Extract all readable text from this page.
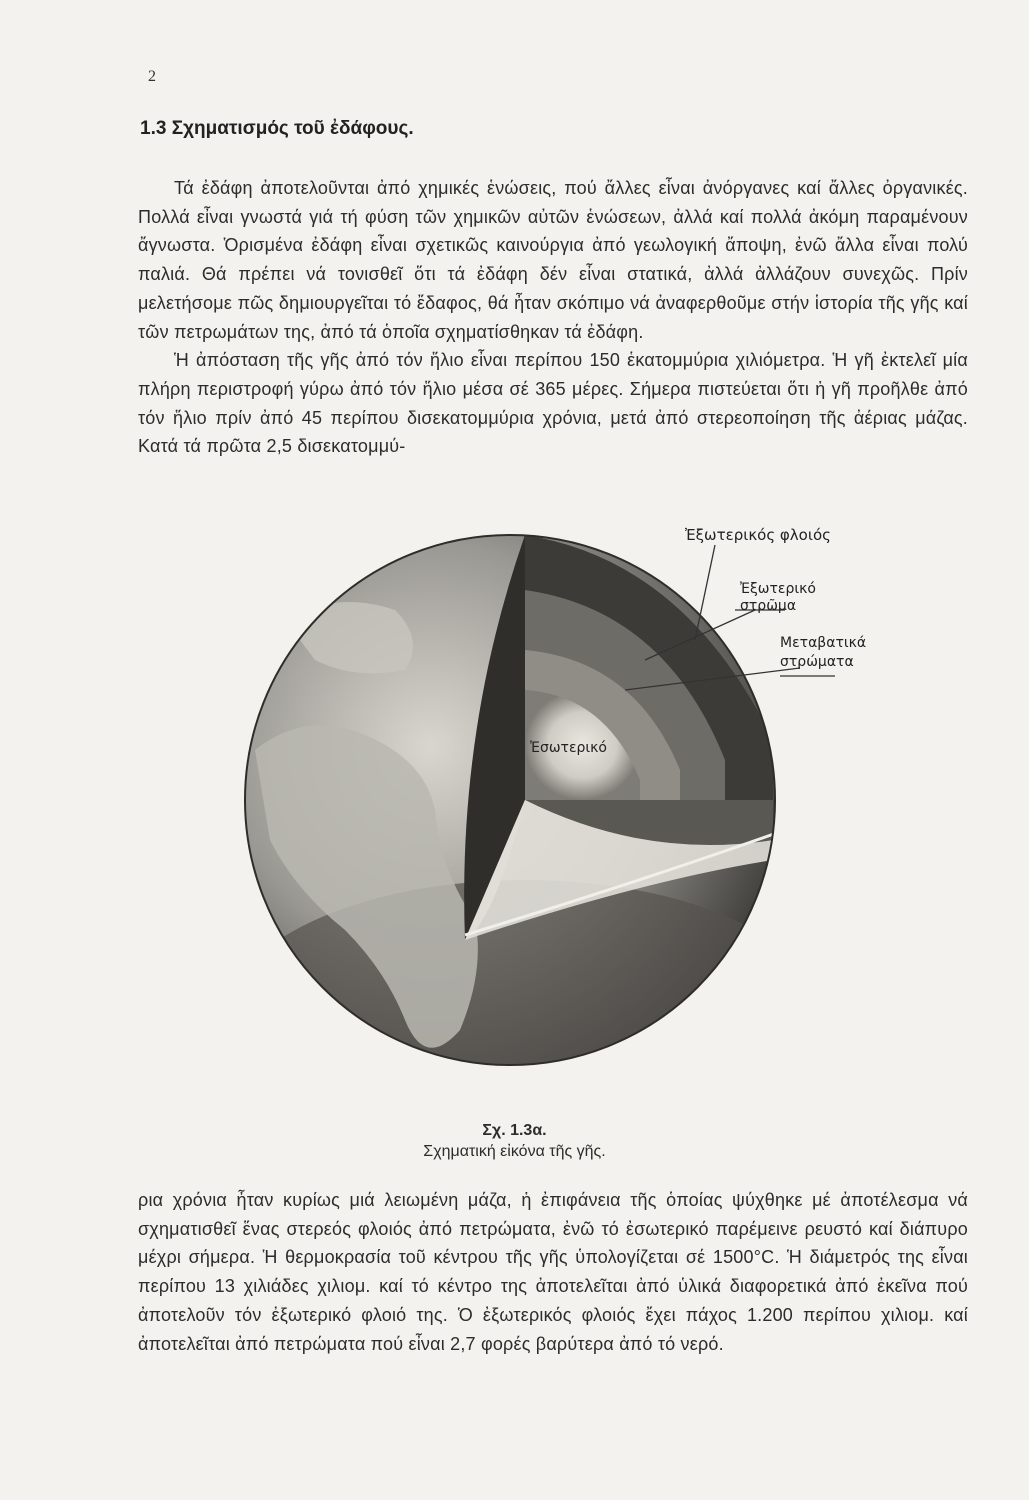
2
1.3 Σχηματισμός τοῦ ἐδάφους.

Τά ἐδάφη ἀποτελοῦνται ἀπό χημικές ἑνώσεις, πού ἄλλες εἶναι ἀνόργανες καί ἄλλες ὀργανικές. Πολλά εἶναι γνωστά γιά τή φύση τῶν χημικῶν αὐτῶν ἑνώσεων, ἀλλά καί πολλά ἀκόμη παραμένουν ἄγνωστα. Ὁρισμένα ἐδάφη εἶναι σχετικῶς καινούργια ἀπό γεωλογική ἄποψη, ἐνῶ ἄλλα εἶναι πολύ παλιά. Θά πρέπει νά τονισθεῖ ὅτι τά ἐδάφη δέν εἶναι στατικά, ἀλλά ἀλλάζουν συνεχῶς. Πρίν μελετήσομε πῶς δημιουργεῖται τό ἔδαφος, θά ἦταν σκόπιμο νά ἀναφερθοῦμε στήν ἱστορία τῆς γῆς καί τῶν πετρωμάτων της, ἀπό τά ὁποῖα σχηματίσθηκαν τά ἐδάφη.

Ἡ ἀπόσταση τῆς γῆς ἀπό τόν ἥλιο εἶναι περίπου 150 ἑκατομμύρια χιλιόμετρα. Ἡ γῆ ἐκτελεῖ μία πλήρη περιστροφή γύρω ἀπό τόν ἥλιο μέσα σέ 365 μέρες. Σήμερα πιστεύεται ὅτι ἡ γῆ προῆλθε ἀπό τόν ἥλιο πρίν ἀπό 45 περίπου δισεκατομμύρια χρόνια, μετά ἀπό στερεοποίηση τῆς ἀέριας μάζας. Κατά τά πρῶτα 2,5 δισεκατομμύ-

Ἐξωτερικός φλοιός
Ἐξωτερικό
στρῶμα
Μεταβατικά
στρώματα
Ἐσωτερικό
Σχ. 1.3α.
Σχηματική εἰκόνα τῆς γῆς.

ρια χρόνια ἦταν κυρίως μιά λειωμένη μάζα, ἡ ἐπιφάνεια τῆς ὁποίας ψύχθηκε μέ ἀποτέλεσμα νά σχηματισθεῖ ἕνας στερεός φλοιός ἀπό πετρώματα, ἐνῶ τό ἐσωτερικό παρέμεινε ρευστό καί διάπυρο μέχρι σήμερα. Ἡ θερμοκρασία τοῦ κέντρου τῆς γῆς ὑπολογίζεται σέ 1500°C. Ἡ διάμετρός της εἶναι περίπου 13 χιλιάδες χιλιομ. καί τό κέντρο της ἀποτελεῖται ἀπό ὑλικά διαφορετικά ἀπό ἐκεῖνα πού ἀποτελοῦν τόν ἐξωτερικό φλοιό της. Ὁ ἐξωτερικός φλοιός ἔχει πάχος 1.200 περίπου χιλιομ. καί ἀποτελεῖται ἀπό πετρώματα πού εἶναι 2,7 φορές βαρύτερα ἀπό τό νερό.
